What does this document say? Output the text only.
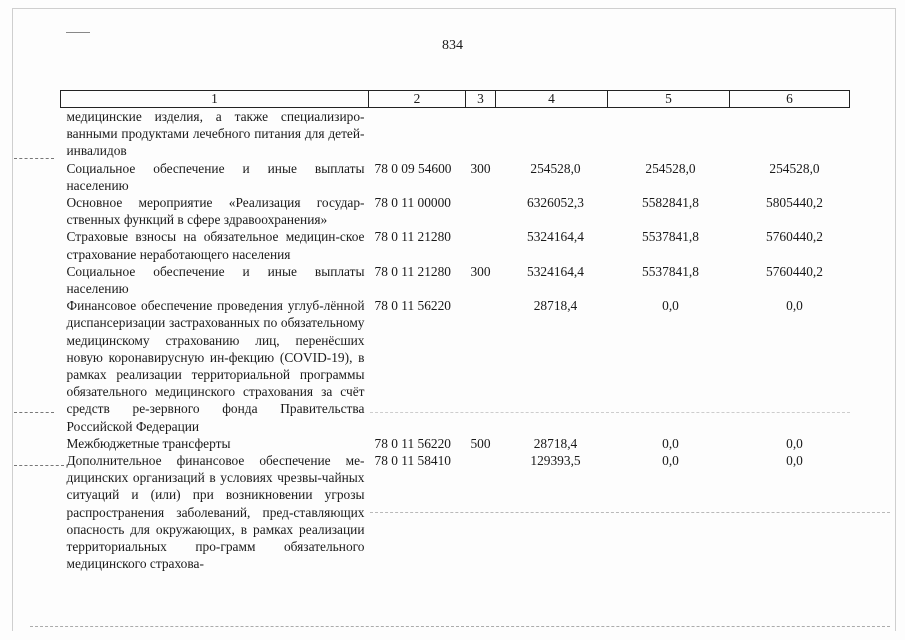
834
1	2	3	4	5	6
медицинские изделия, а также специализиро-ванными продуктами лечебного питания для детей-инвалидов					
Социальное обеспечение и иные выплаты населению	78 0 09 54600	300	254528,0	254528,0	254528,0
Основное мероприятие «Реализация государ-ственных функций в сфере здравоохранения»	78 0 11 00000		6326052,3	5582841,8	5805440,2
Страховые взносы на обязательное медицин-ское страхование неработающего населения	78 0 11 21280		5324164,4	5537841,8	5760440,2
Социальное обеспечение и иные выплаты населению	78 0 11 21280	300	5324164,4	5537841,8	5760440,2
Финансовое обеспечение проведения углуб-лённой диспансеризации застрахованных по обязательному медицинскому страхованию лиц, перенёсших новую коронавирусную ин-фекцию (COVID-19), в рамках реализации территориальной программы обязательного медицинского страхования за счёт средств ре-зервного фонда Правительства Российской Федерации	78 0 11 56220		28718,4	0,0	0,0
Межбюджетные трансферты	78 0 11 56220	500	28718,4	0,0	0,0
Дополнительное финансовое обеспечение ме-дицинских организаций в условиях чрезвы-чайных ситуаций и (или) при возникновении угрозы распространения заболеваний, пред-ставляющих опасность для окружающих, в рамках реализации территориальных про-грамм обязательного медицинского страхова-	78 0 11 58410		129393,5	0,0	0,0
